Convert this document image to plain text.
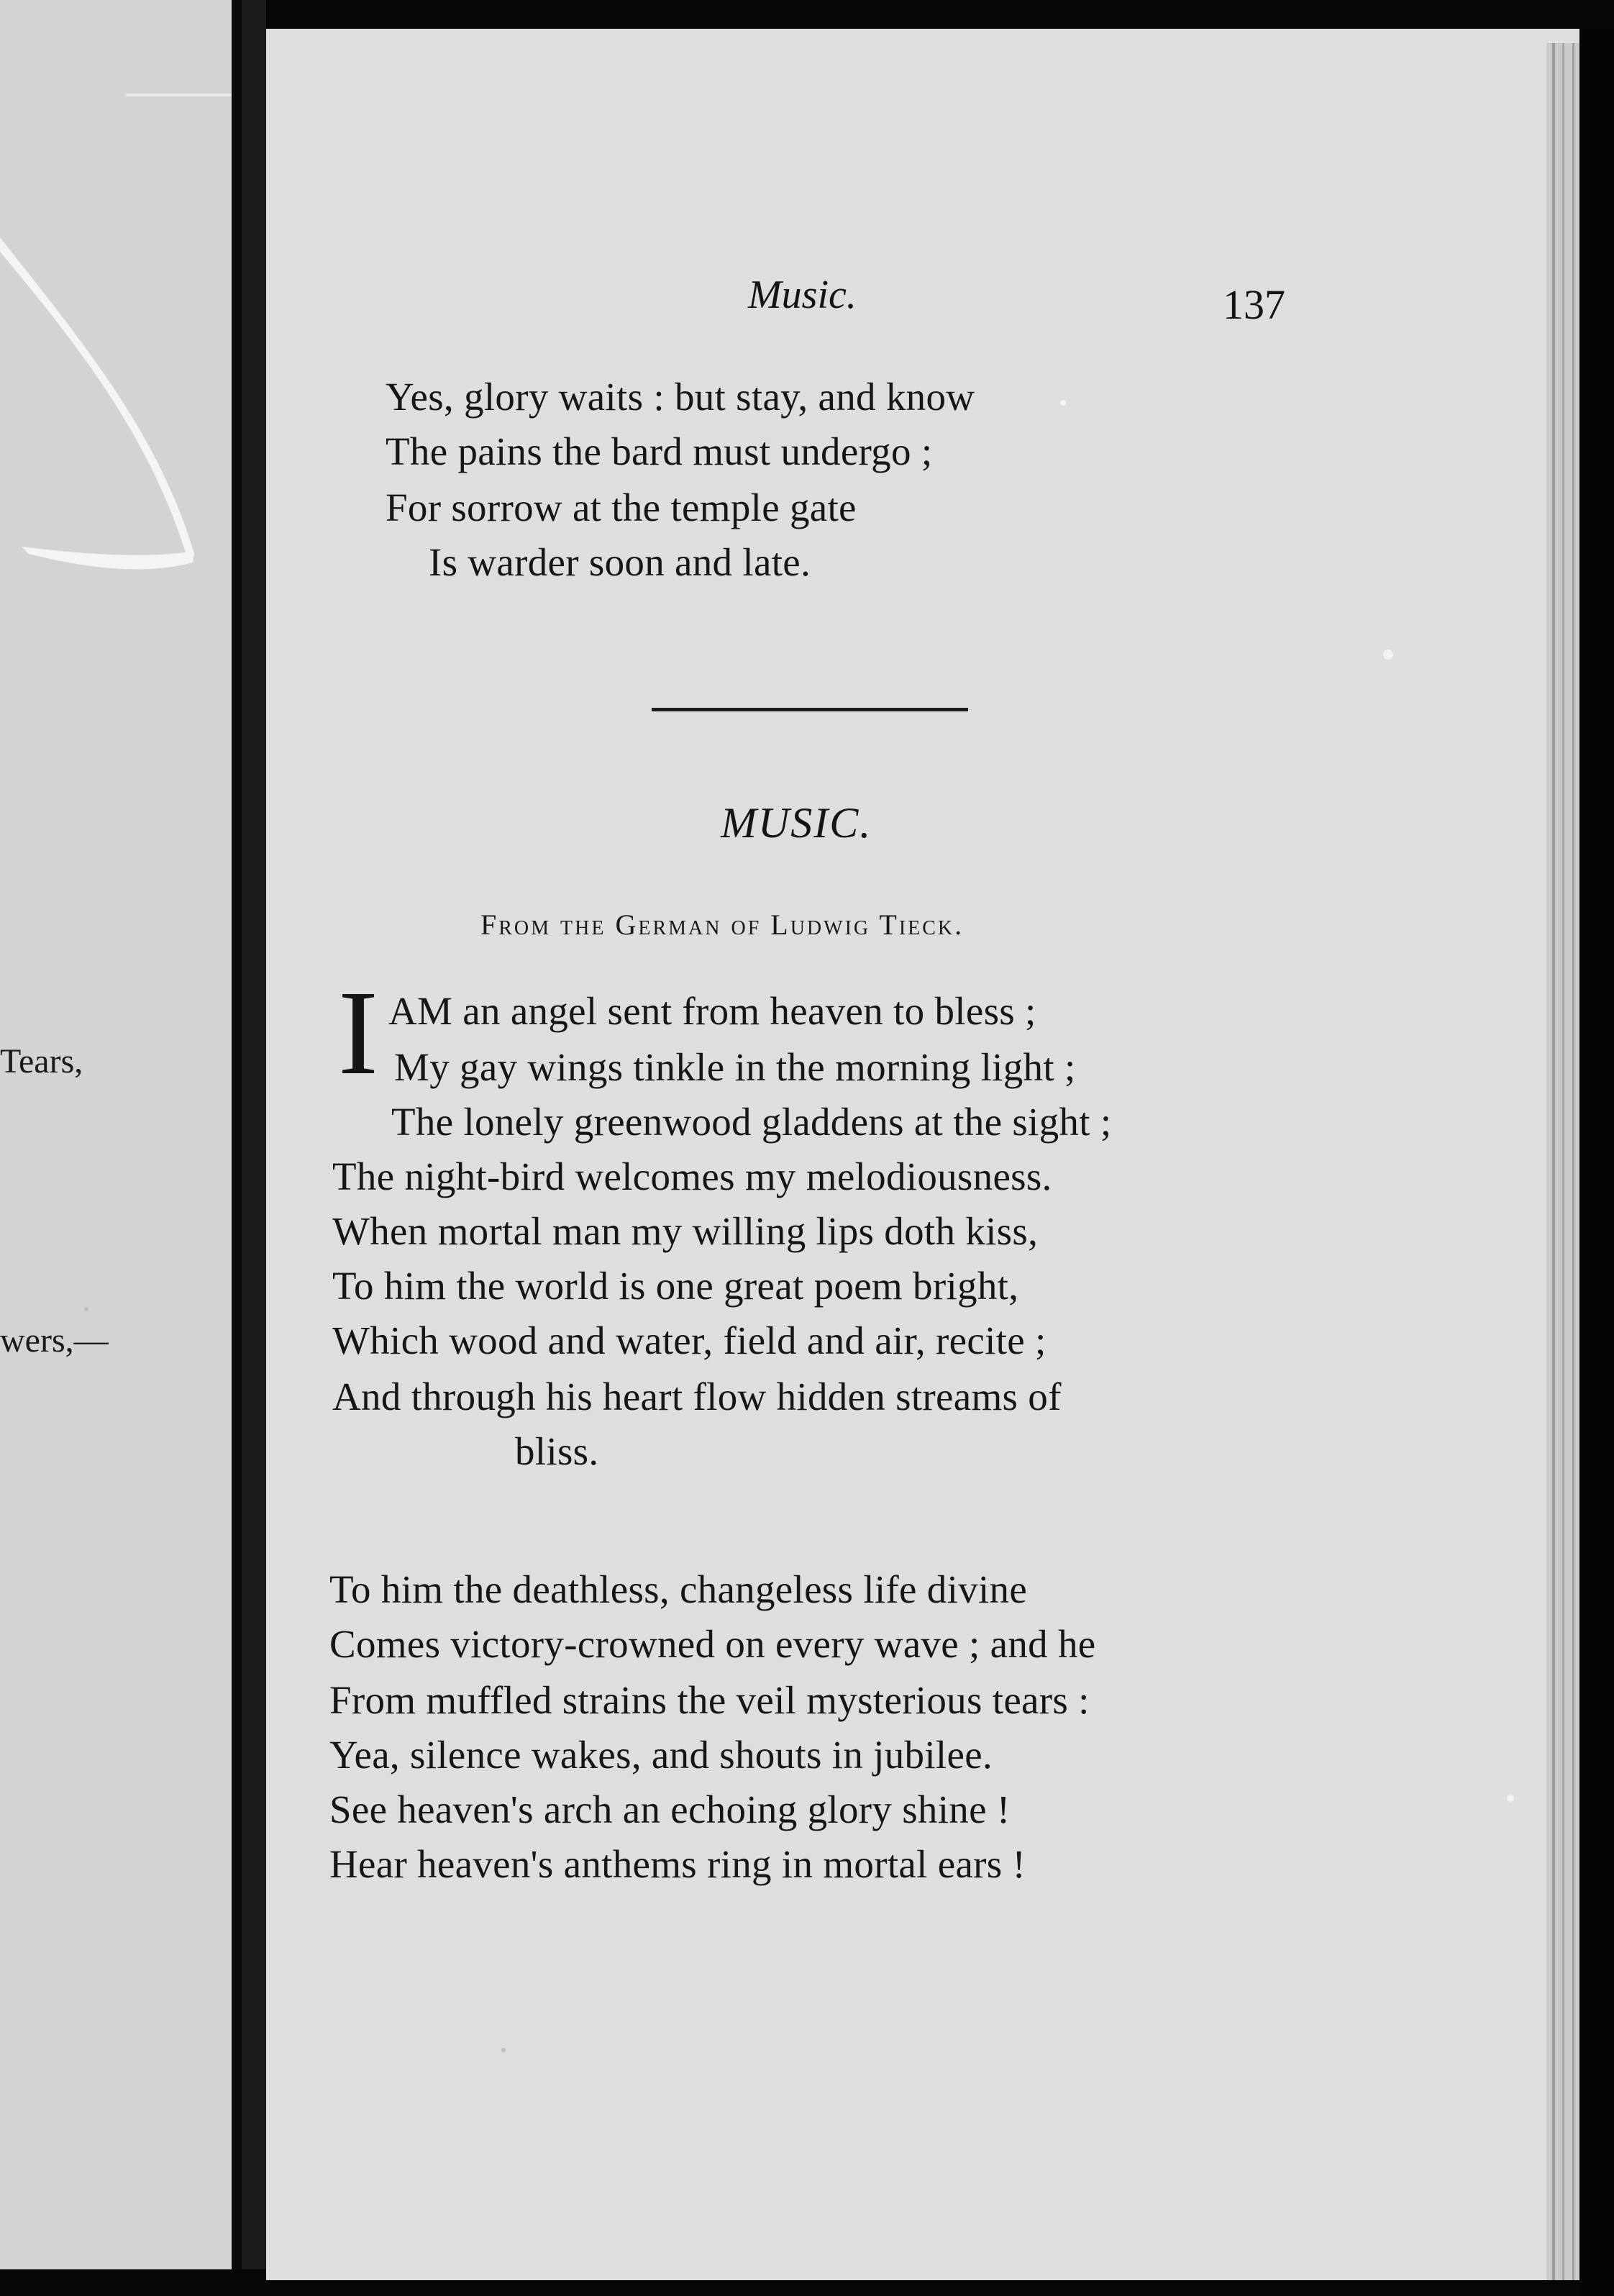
Tears,
wers,—
Music.	137
Yes, glory waits : but stay, and know
The pains the bard must undergo ;
For sorrow at the temple gate
Is warder soon and late.
MUSIC.
From the German of Ludwig Tieck.
I AM an angel sent from heaven to bless ;
My gay wings tinkle in the morning light ;
The lonely greenwood gladdens at the sight ;
The night-bird welcomes my melodiousness.
When mortal man my willing lips doth kiss,
To him the world is one great poem bright,
Which wood and water, field and air, recite ;
And through his heart flow hidden streams of
bliss.
To him the deathless, changeless life divine
Comes victory-crowned on every wave ; and he
From muffled strains the veil mysterious tears :
Yea, silence wakes, and shouts in jubilee.
See heaven's arch an echoing glory shine !
Hear heaven's anthems ring in mortal ears !
